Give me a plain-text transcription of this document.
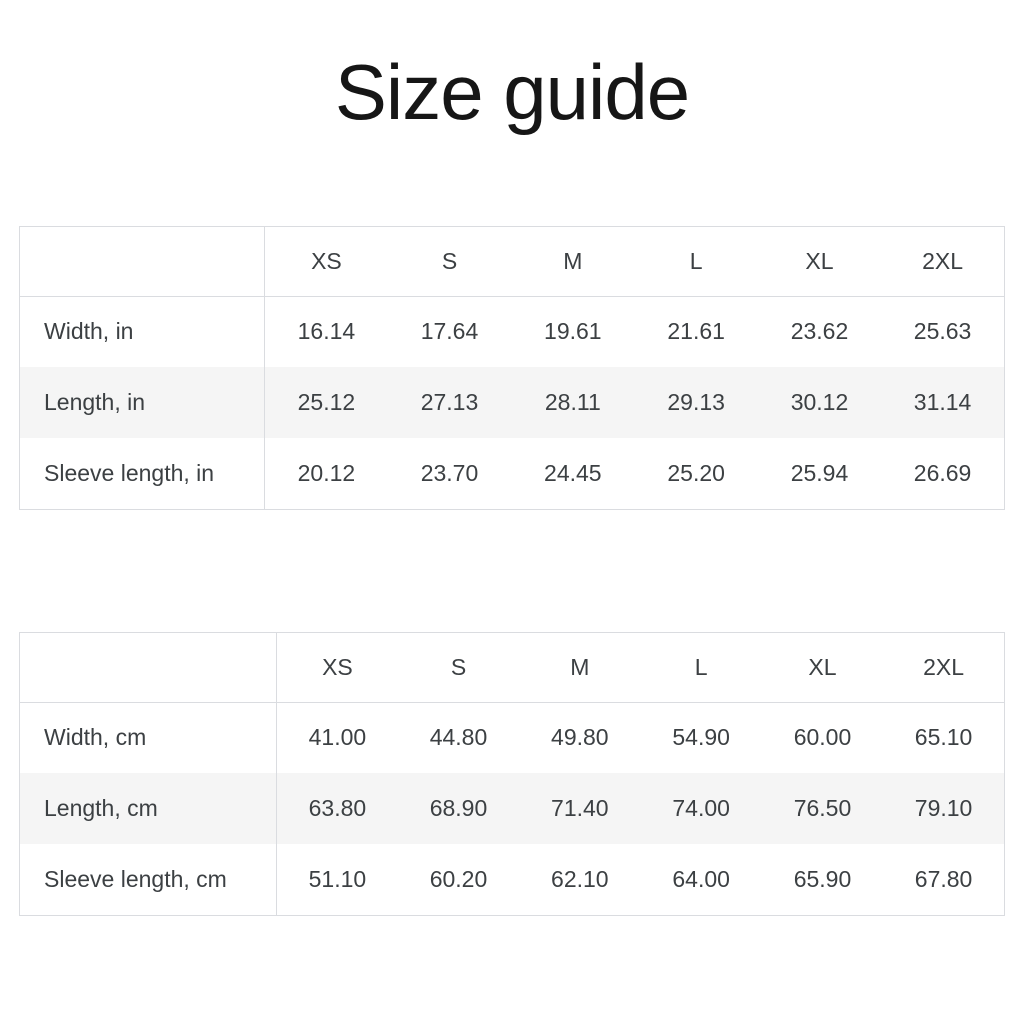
Size guide
	XS	S	M	L	XL	2XL
Width, in	16.14	17.64	19.61	21.61	23.62	25.63
Length, in	25.12	27.13	28.11	29.13	30.12	31.14
Sleeve length, in	20.12	23.70	24.45	25.20	25.94	26.69
	XS	S	M	L	XL	2XL
Width, cm	41.00	44.80	49.80	54.90	60.00	65.10
Length, cm	63.80	68.90	71.40	74.00	76.50	79.10
Sleeve length, cm	51.10	60.20	62.10	64.00	65.90	67.80
